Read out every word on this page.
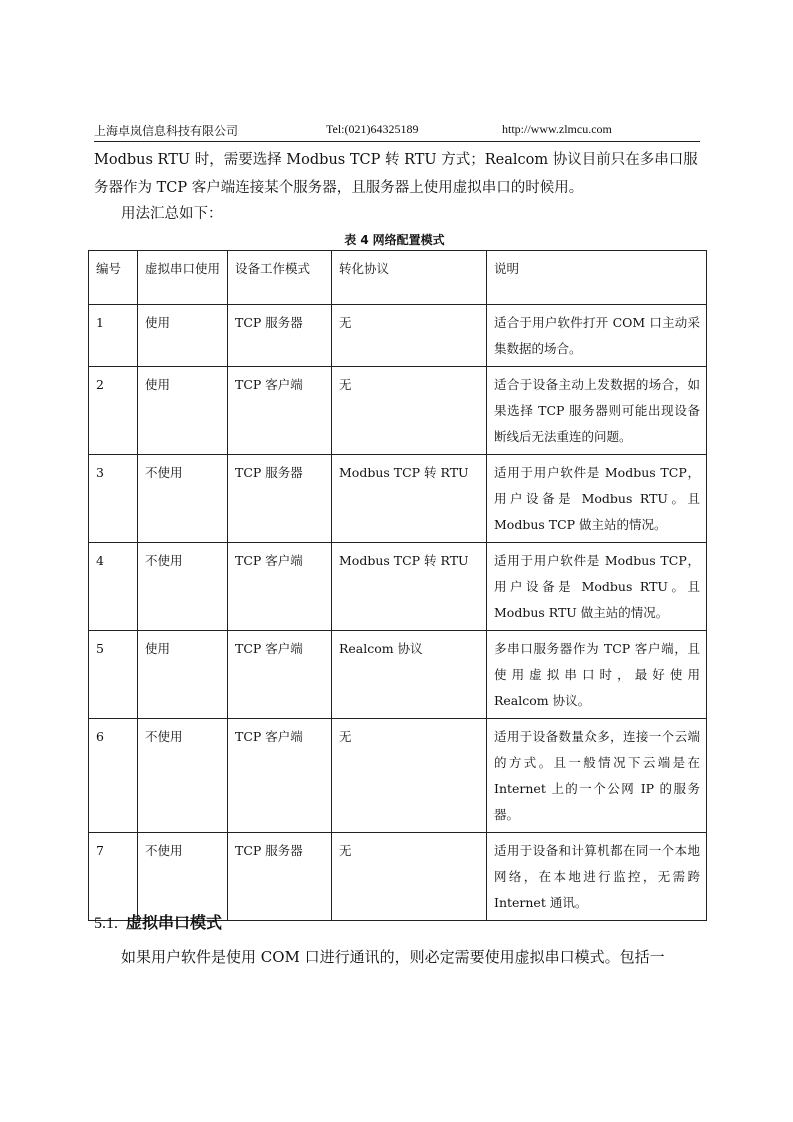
上海卓岚信息科技有限公司	Tel:(021)64325189	http://www.zlmcu.com

Modbus RTU 时，需要选择 Modbus TCP 转 RTU 方式；Realcom 协议目前只在多串口服

务器作为 TCP 客户端连接某个服务器，且服务器上使用虚拟串口的时候用。

用法汇总如下：

表 4 网络配置模式
编号	虚拟串口使用	设备工作模式	转化协议	说明
1	使用	TCP 服务器	无	适合于用户软件打开 COM 口主动采集数据的场合。
2	使用	TCP 客户端	无	适合于设备主动上发数据的场合，如果选择 TCP 服务器则可能出现设备断线后无法重连的问题。
3	不使用	TCP 服务器	Modbus TCP 转 RTU	适用于用户软件是 Modbus TCP，用户设备是 Modbus RTU。且 Modbus TCP 做主站的情况。
4	不使用	TCP 客户端	Modbus TCP 转 RTU	适用于用户软件是 Modbus TCP，用户设备是 Modbus RTU。且 Modbus RTU 做主站的情况。
5	使用	TCP 客户端	Realcom 协议	多串口服务器作为 TCP 客户端，且使用虚拟串口时，最好使用 Realcom 协议。
6	不使用	TCP 客户端	无	适用于设备数量众多，连接一个云端的方式。且一般情况下云端是在 Internet 上的一个公网 IP 的服务器。
7	不使用	TCP 服务器	无	适用于设备和计算机都在同一个本地网络，在本地进行监控，无需跨 Internet 通讯。
5.1. 虚拟串口模式

如果用户软件是使用 COM 口进行通讯的，则必定需要使用虚拟串口模式。包括一
